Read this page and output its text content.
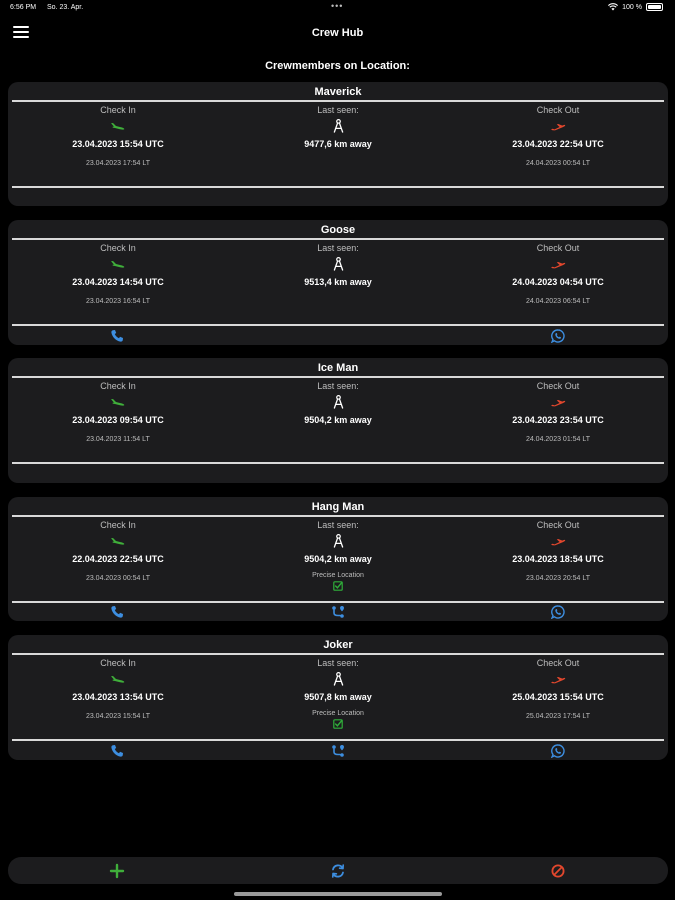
6:56 PM So. 23. Apr.	•••	100 %
Crew Hub
Crewmembers on Location:
Maverick
Check In
23.04.2023 15:54 UTC
23.04.2023 17:54 LT
Last seen:
9477,6 km away
Check Out
23.04.2023 22:54 UTC
24.04.2023 00:54 LT
Goose
Check In
23.04.2023 14:54 UTC
23.04.2023 16:54 LT
Last seen:
9513,4 km away
Check Out
24.04.2023 04:54 UTC
24.04.2023 06:54 LT
Ice Man
Check In
23.04.2023 09:54 UTC
23.04.2023 11:54 LT
Last seen:
9504,2 km away
Check Out
23.04.2023 23:54 UTC
24.04.2023 01:54 LT
Hang Man
Check In
22.04.2023 22:54 UTC
23.04.2023 00:54 LT
Last seen:
9504,2 km away
Precise Location
Check Out
23.04.2023 18:54 UTC
23.04.2023 20:54 LT
Joker
Check In
23.04.2023 13:54 UTC
23.04.2023 15:54 LT
Last seen:
9507,8 km away
Precise Location
Check Out
25.04.2023 15:54 UTC
25.04.2023 17:54 LT
